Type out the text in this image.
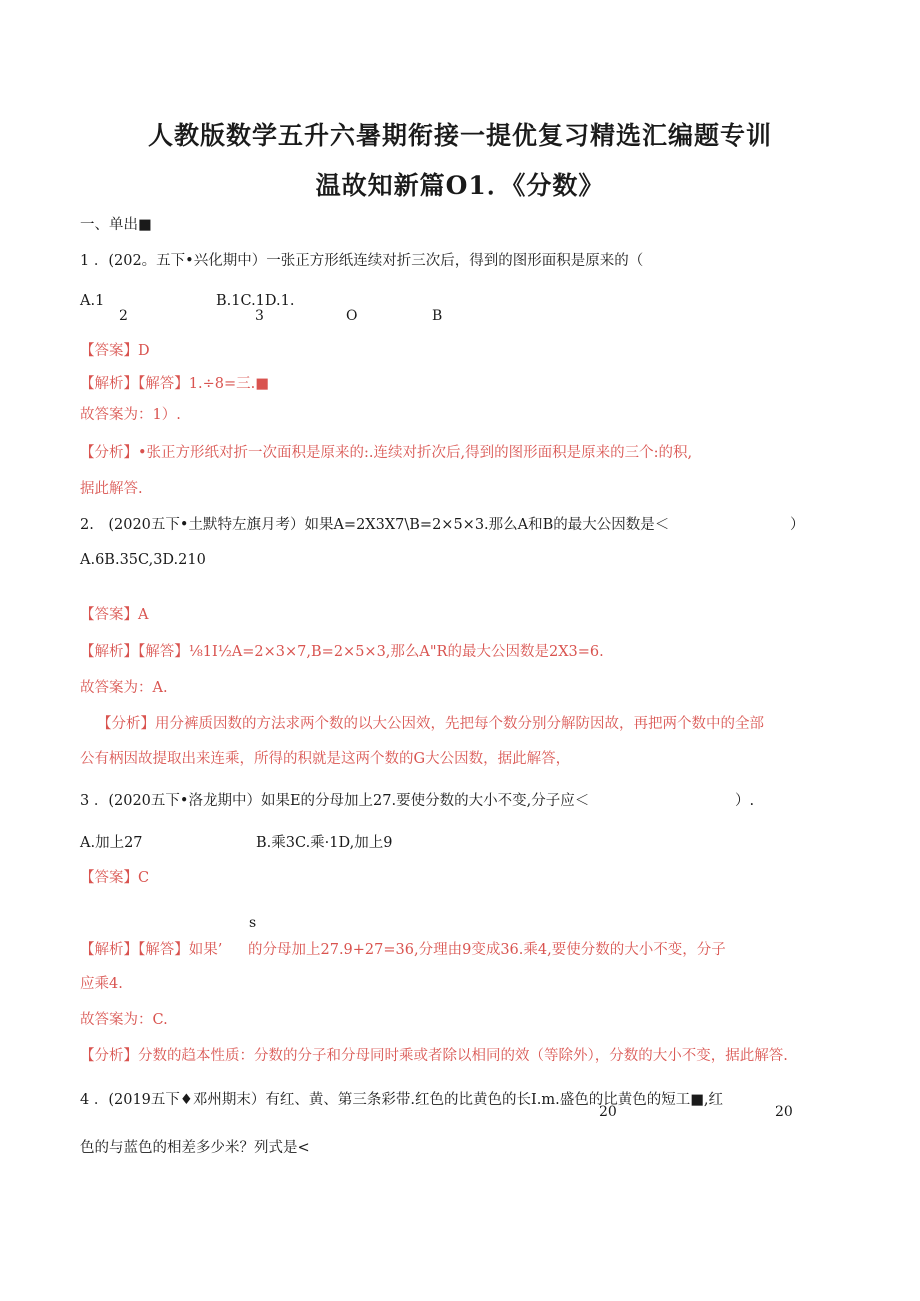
人教版数学五升六暑期衔接一提优复习精选汇编题专训
温故知新篇O1．《分数》
一、单出■
1 ．(202。五下•兴化期中）一张正方形纸连续对折三次后，得到的图形面积是原来的（
A.1	B.1C.1D.1.
2	3	O	B
【答案】D
【解析】【解答】1.÷8=三.■
故答案为：1）.
【分析】•张正方形纸对折一次面积是原来的:.连续对折次后,得到的图形面积是原来的三个:的积,
据此解答.
2.　(2020五下•土默特左旗月考）如果A=2X3X7\B=2×5×3.那么A和B的最大公因数是＜	）
A.6B.35C,3D.210
【答案】A
【解析】【解答】⅛1I½A=2×3×7,B=2×5×3,那么A"R的最大公因数是2X3=6.
故答案为：A.
【分析】用分裤质因数的方法求两个数的以大公因效，先把每个数分别分解防因故，再把两个数中的全部
公有柄因故提取出来连乘，所得的积就是这两个数的G大公因数，据此解答，
3 ．(2020五下•洛龙期中）如果E的分母加上27.要使分数的大小不变,分子应＜	）.
A.加上27	B.乘3C.乘·1D,加上9
【答案】C
s
【解析】【解答】如果’ 的分母加上27.9+27=36,分理由9变成36.乘4,要使分数的大小不变，分子
应乘4.
故答案为：C.
【分析】分数的趋本性质：分数的分子和分母同时乘或者除以相同的效（等除外），分数的大小不变，据此解答.
4 ．(2019五下♦邓州期末）有红、黄、第三条彩带.红色的比黄色的长I.m.盛色的比黄色的短工■,红
20	20
色的与蓝色的相差多少米？列式是<
